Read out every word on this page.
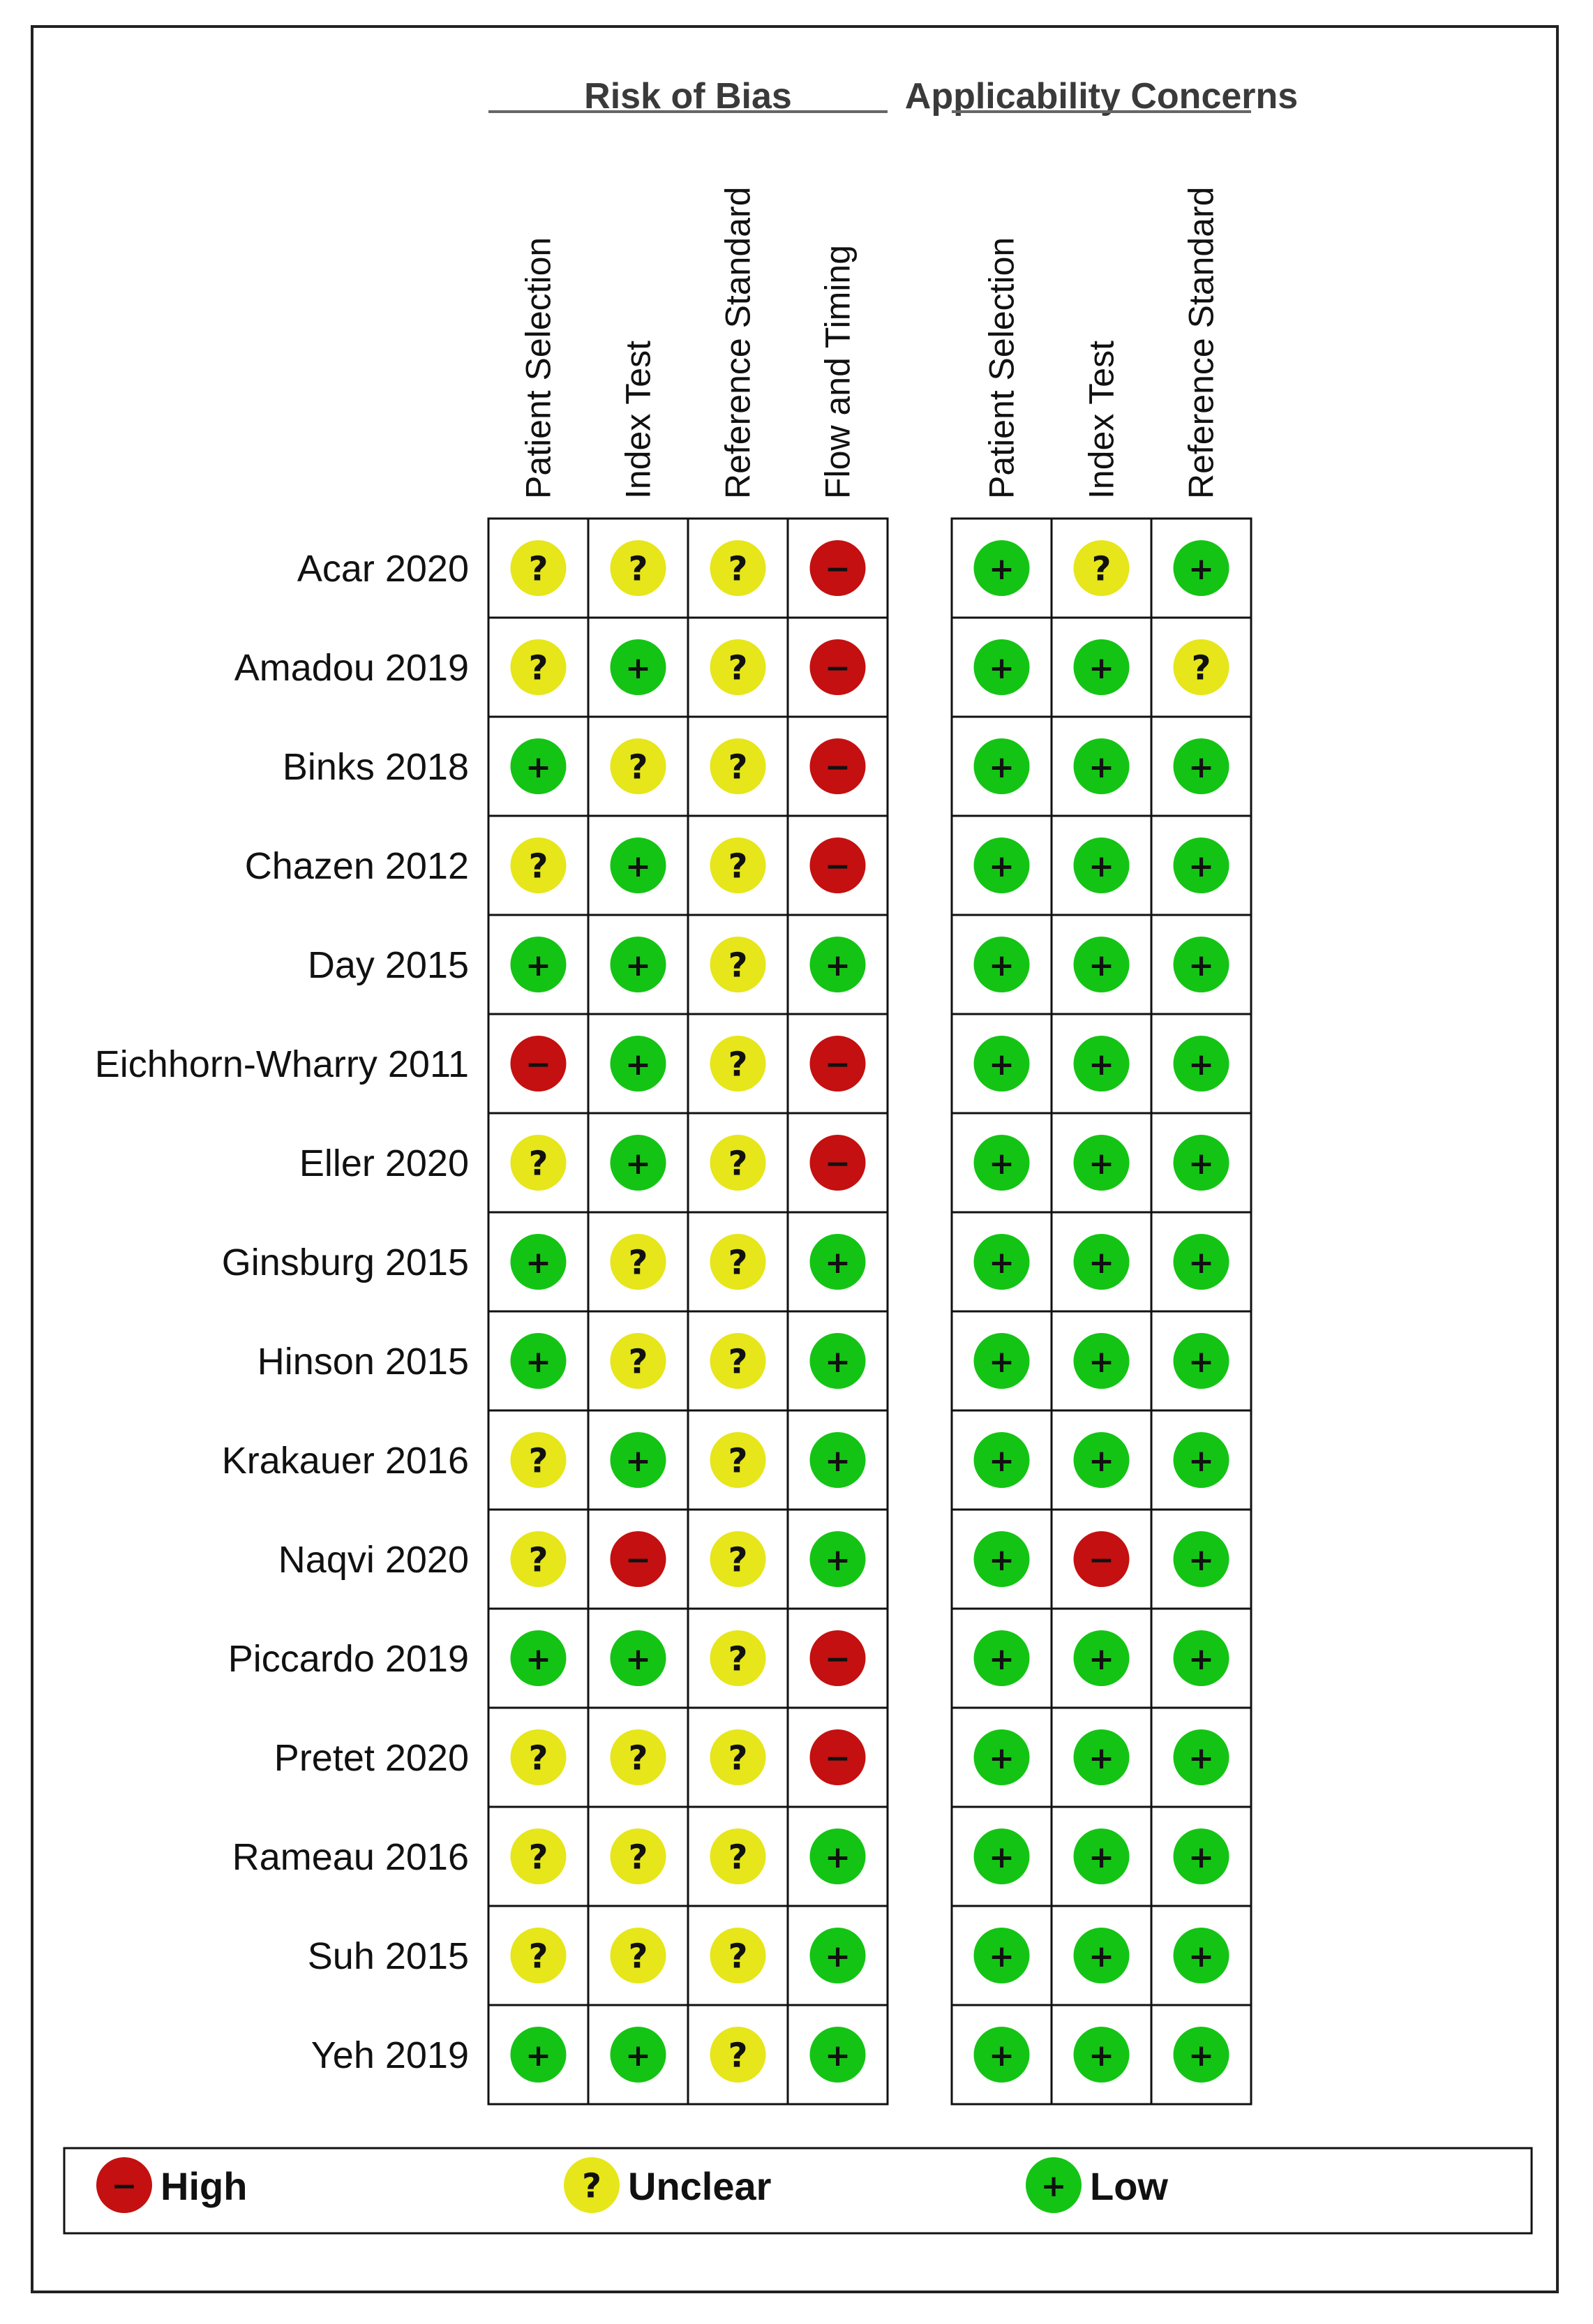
Risk of Bias
Patient Selection Index Test Reference Standard Flow and Timing
Applicability Concerns
Patient Selection Index Test Reference Standard
Acar 2020 ? ? ?	−	+ ?	+
Amadou 2019 ?	+ ?	−	+ + ?
Binks 2018 + ? ?	−	+ + +
Chazen 2012 ?	+ ?	−	+ + +
Day 2015 + + ?	+	+ + +
Eichhorn-Wharry 2011 − + ?	−	+ + +
Eller 2020 ?	+ ?	−	+ + +
Ginsburg 2015 + ? ?	+	+ + +
Hinson 2015 + ? ?	+	+ + +
Krakauer 2016 ?	+ ?	+	+ + +
Naqvi 2020 ?	− ?	+	+ − +
Piccardo 2019 + + ?	−	+ + +
Pretet 2020 ? ? ?	−	+ + +
Rameau 2016 ? ? ?	+	+ + +
Suh 2015 ? ? ?	+	+ + +
Yeh 2019 + + ?	+	+ + +
− High	? Unclear	+ Low
